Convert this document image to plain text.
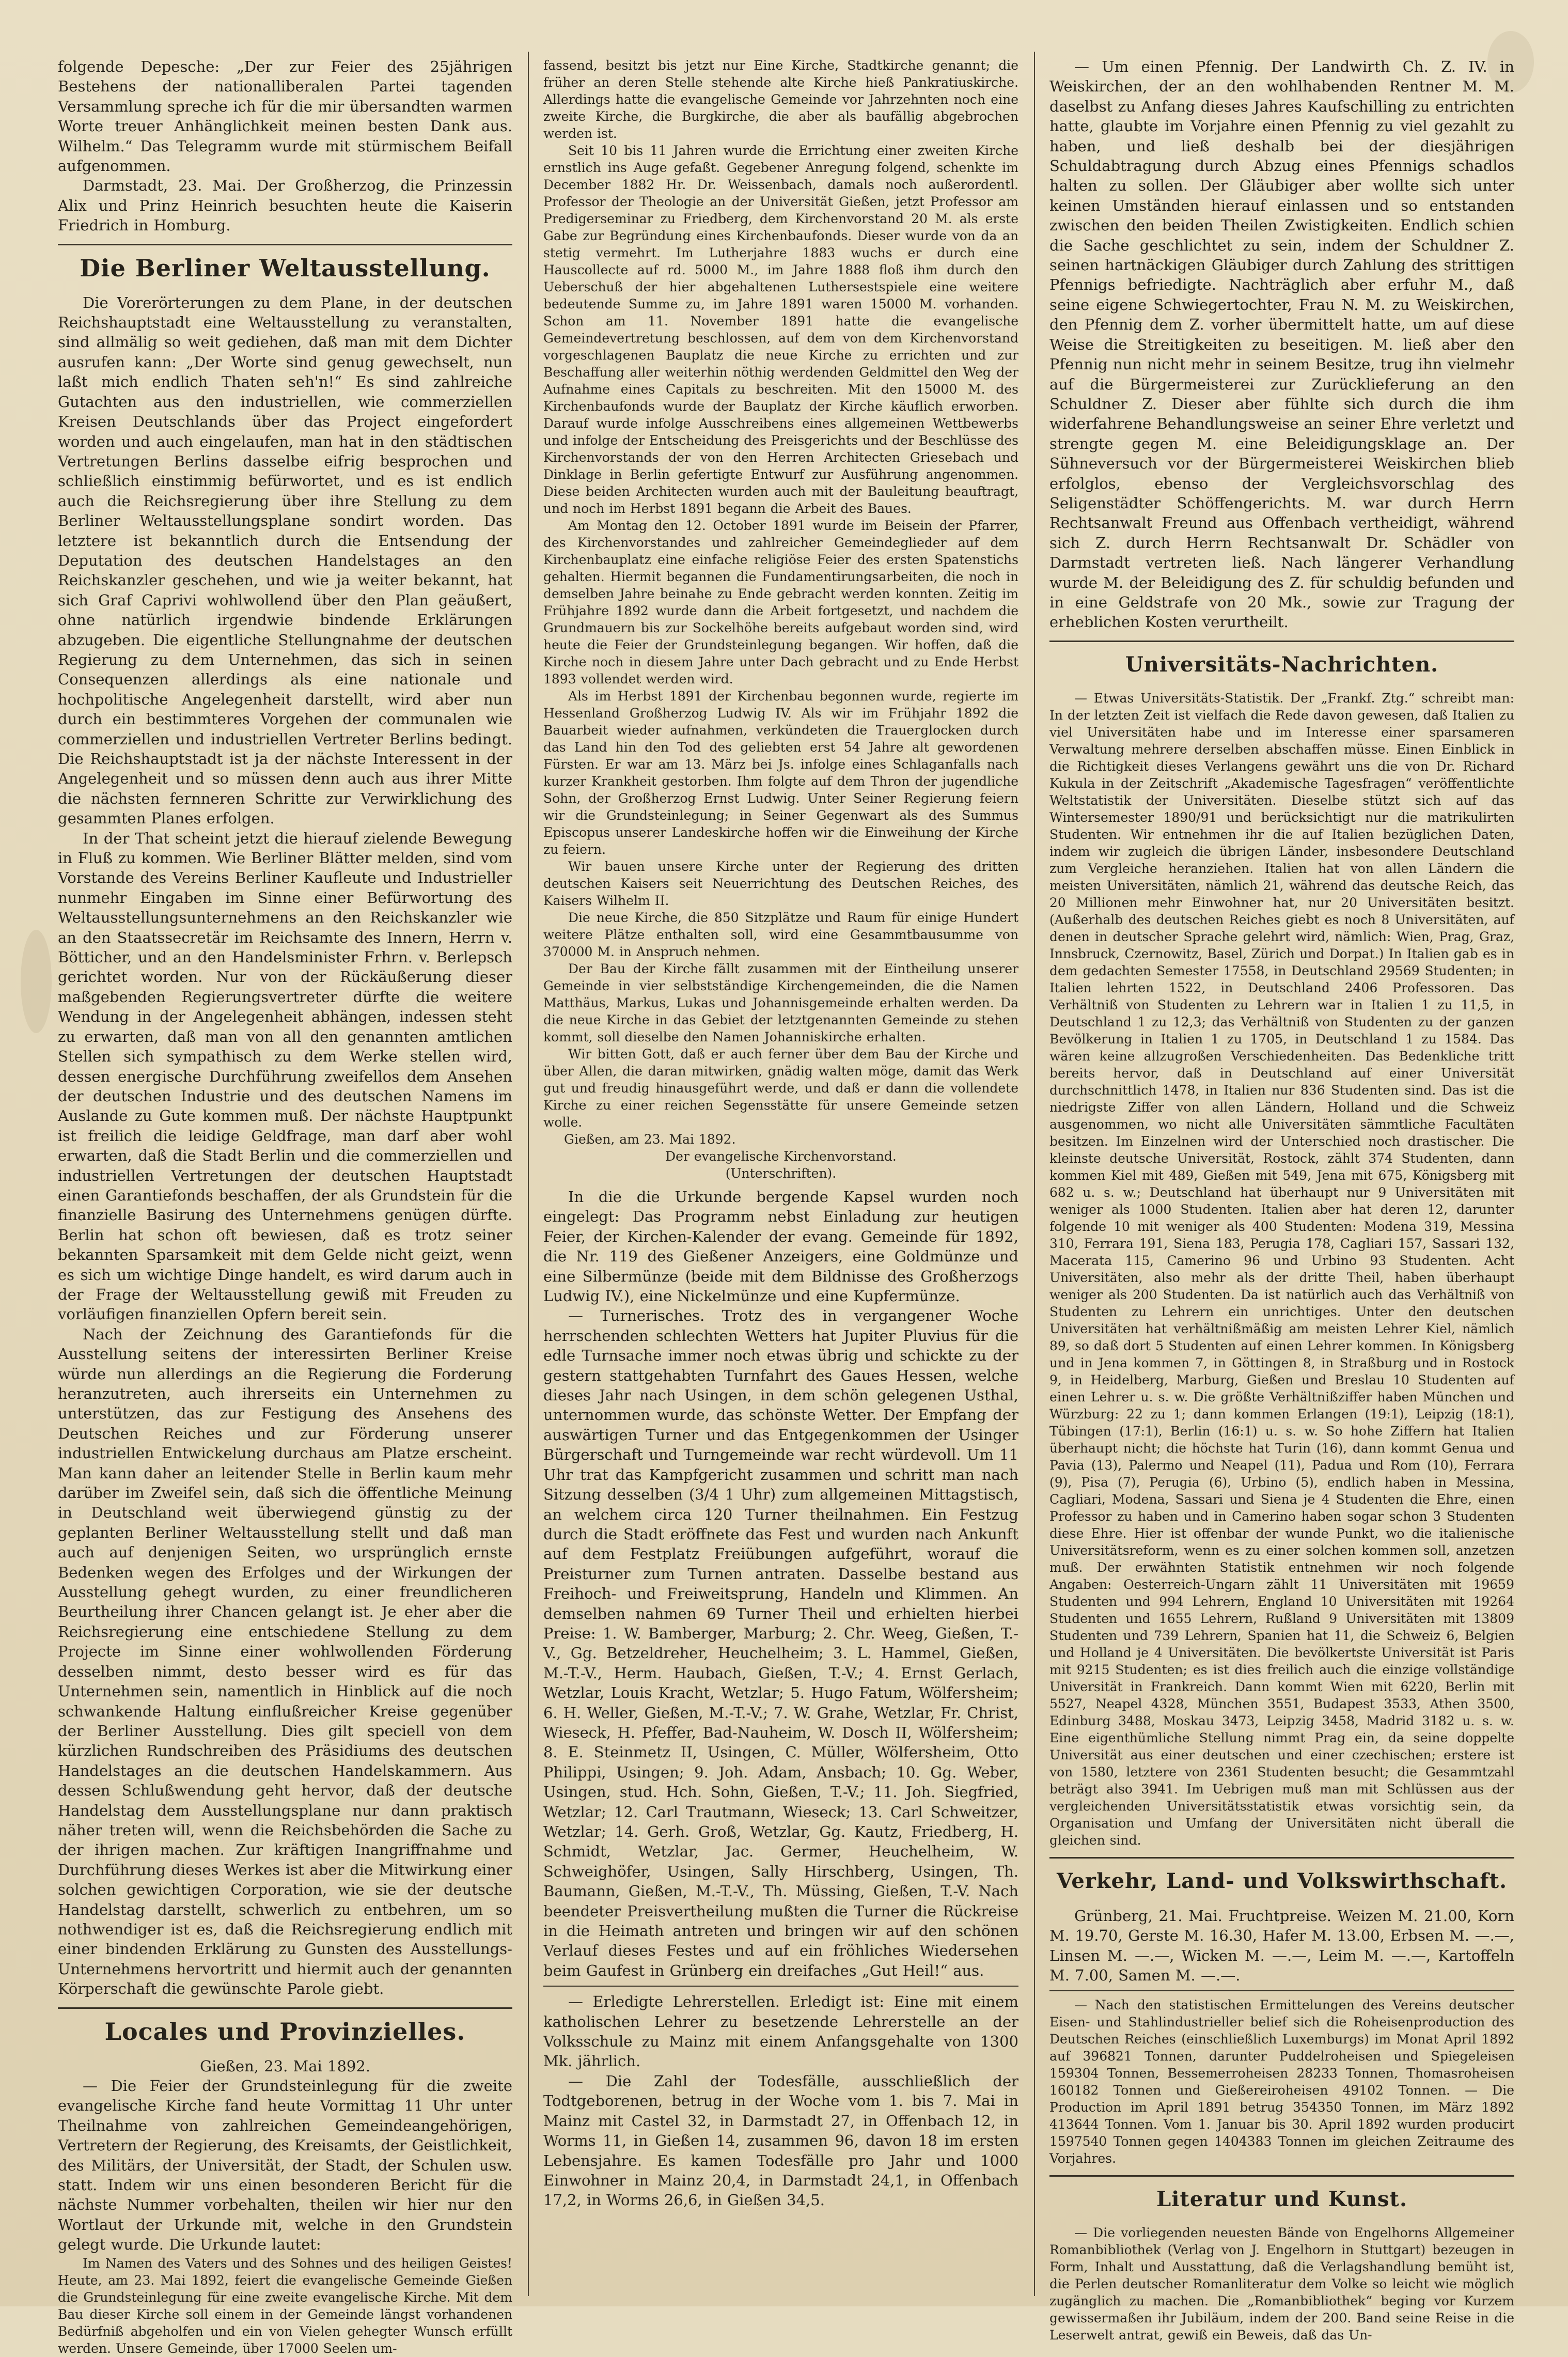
folgende Depesche: „Der zur Feier des 25jährigen Bestehens der nationalliberalen Partei tagenden Versammlung spreche ich für die mir übersandten warmen Worte treuer Anhänglichkeit meinen besten Dank aus. Wilhelm.“ Das Telegramm wurde mit stürmischem Beifall aufgenommen.

Darmstadt, 23. Mai. Der Großherzog, die Prinzessin Alix und Prinz Heinrich besuchten heute die Kaiserin Friedrich in Homburg.

Die Berliner Weltausstellung.

Die Vorerörterungen zu dem Plane, in der deutschen Reichshauptstadt eine Weltausstellung zu veranstalten, sind allmälig so weit gediehen, daß man mit dem Dichter ausrufen kann: „Der Worte sind genug gewechselt, nun laßt mich endlich Thaten seh'n!“ Es sind zahlreiche Gutachten aus den industriellen, wie commerziellen Kreisen Deutschlands über das Project eingefordert worden und auch eingelaufen, man hat in den städtischen Vertretungen Berlins dasselbe eifrig besprochen und schließlich einstimmig befürwortet, und es ist endlich auch die Reichsregierung über ihre Stellung zu dem Berliner Weltausstellungsplane sondirt worden. Das letztere ist bekanntlich durch die Entsendung der Deputation des deutschen Handelstages an den Reichskanzler geschehen, und wie ja weiter bekannt, hat sich Graf Caprivi wohlwollend über den Plan geäußert, ohne natürlich irgendwie bindende Erklärungen abzugeben. Die eigentliche Stellungnahme der deutschen Regierung zu dem Unternehmen, das sich in seinen Consequenzen allerdings als eine nationale und hochpolitische Angelegenheit darstellt, wird aber nun durch ein bestimmteres Vorgehen der communalen wie commerziellen und industriellen Vertreter Berlins bedingt. Die Reichshauptstadt ist ja der nächste Interessent in der Angelegenheit und so müssen denn auch aus ihrer Mitte die nächsten fernneren Schritte zur Verwirklichung des gesammten Planes erfolgen.

In der That scheint jetzt die hierauf zielende Bewegung in Fluß zu kommen. Wie Berliner Blätter melden, sind vom Vorstande des Vereins Berliner Kaufleute und Industrieller nunmehr Eingaben im Sinne einer Befürwortung des Weltausstellungsunternehmens an den Reichskanzler wie an den Staatssecretär im Reichsamte des Innern, Herrn v. Bötticher, und an den Handelsminister Frhrn. v. Berlepsch gerichtet worden. Nur von der Rückäußerung dieser maßgebenden Regierungsvertreter dürfte die weitere Wendung in der Angelegenheit abhängen, indessen steht zu erwarten, daß man von all den genannten amtlichen Stellen sich sympathisch zu dem Werke stellen wird, dessen energische Durchführung zweifellos dem Ansehen der deutschen Industrie und des deutschen Namens im Auslande zu Gute kommen muß. Der nächste Hauptpunkt ist freilich die leidige Geldfrage, man darf aber wohl erwarten, daß die Stadt Berlin und die commerziellen und industriellen Vertretungen der deutschen Hauptstadt einen Garantiefonds beschaffen, der als Grundstein für die finanzielle Basirung des Unternehmens genügen dürfte. Berlin hat schon oft bewiesen, daß es trotz seiner bekannten Sparsamkeit mit dem Gelde nicht geizt, wenn es sich um wichtige Dinge handelt, es wird darum auch in der Frage der Weltausstellung gewiß mit Freuden zu vorläufigen finanziellen Opfern bereit sein.

Nach der Zeichnung des Garantiefonds für die Ausstellung seitens der interessirten Berliner Kreise würde nun allerdings an die Regierung die Forderung heranzutreten, auch ihrerseits ein Unternehmen zu unterstützen, das zur Festigung des Ansehens des Deutschen Reiches und zur Förderung unserer industriellen Entwickelung durchaus am Platze erscheint. Man kann daher an leitender Stelle in Berlin kaum mehr darüber im Zweifel sein, daß sich die öffentliche Meinung in Deutschland weit überwiegend günstig zu der geplanten Berliner Weltausstellung stellt und daß man auch auf denjenigen Seiten, wo ursprünglich ernste Bedenken wegen des Erfolges und der Wirkungen der Ausstellung gehegt wurden, zu einer freundlicheren Beurtheilung ihrer Chancen gelangt ist. Je eher aber die Reichsregierung eine entschiedene Stellung zu dem Projecte im Sinne einer wohlwollenden Förderung desselben nimmt, desto besser wird es für das Unternehmen sein, namentlich in Hinblick auf die noch schwankende Haltung einflußreicher Kreise gegenüber der Berliner Ausstellung. Dies gilt speciell von dem kürzlichen Rundschreiben des Präsidiums des deutschen Handelstages an die deutschen Handelskammern. Aus dessen Schlußwendung geht hervor, daß der deutsche Handelstag dem Ausstellungsplane nur dann praktisch näher treten will, wenn die Reichsbehörden die Sache zu der ihrigen machen. Zur kräftigen Inangriffnahme und Durchführung dieses Werkes ist aber die Mitwirkung einer solchen gewichtigen Corporation, wie sie der deutsche Handelstag darstellt, schwerlich zu entbehren, um so nothwendiger ist es, daß die Reichsregierung endlich mit einer bindenden Erklärung zu Gunsten des Ausstellungs-Unternehmens hervortritt und hiermit auch der genannten Körperschaft die gewünschte Parole giebt.

Locales und Provinzielles.

Gießen, 23. Mai 1892.

— Die Feier der Grundsteinlegung für die zweite evangelische Kirche fand heute Vormittag 11 Uhr unter Theilnahme von zahlreichen Gemeindeangehörigen, Vertretern der Regierung, des Kreisamts, der Geistlichkeit, des Militärs, der Universität, der Stadt, der Schulen usw. statt. Indem wir uns einen besonderen Bericht für die nächste Nummer vorbehalten, theilen wir hier nur den Wortlaut der Urkunde mit, welche in den Grundstein gelegt wurde. Die Urkunde lautet:

Im Namen des Vaters und des Sohnes und des heiligen Geistes! Heute, am 23. Mai 1892, feiert die evangelische Gemeinde Gießen die Grundsteinlegung für eine zweite evangelische Kirche. Mit dem Bau dieser Kirche soll einem in der Gemeinde längst vorhandenen Bedürfniß abgeholfen und ein von Vielen gehegter Wunsch erfüllt werden. Unsere Gemeinde, über 17000 Seelen um-

fassend, besitzt bis jetzt nur Eine Kirche, Stadtkirche genannt; die früher an deren Stelle stehende alte Kirche hieß Pankratiuskirche. Allerdings hatte die evangelische Gemeinde vor Jahrzehnten noch eine zweite Kirche, die Burgkirche, die aber als baufällig abgebrochen werden ist.

Seit 10 bis 11 Jahren wurde die Errichtung einer zweiten Kirche ernstlich ins Auge gefaßt. Gegebener Anregung folgend, schenkte im December 1882 Hr. Dr. Weissenbach, damals noch außerordentl. Professor der Theologie an der Universität Gießen, jetzt Professor am Predigerseminar zu Friedberg, dem Kirchenvorstand 20 M. als erste Gabe zur Begründung eines Kirchenbaufonds. Dieser wurde von da an stetig vermehrt. Im Lutherjahre 1883 wuchs er durch eine Hauscollecte auf rd. 5000 M., im Jahre 1888 floß ihm durch den Ueberschuß der hier abgehaltenen Luthersestspiele eine weitere bedeutende Summe zu, im Jahre 1891 waren 15000 M. vorhanden. Schon am 11. November 1891 hatte die evangelische Gemeindevertretung beschlossen, auf dem von dem Kirchenvorstand vorgeschlagenen Bauplatz die neue Kirche zu errichten und zur Beschaffung aller weiterhin nöthig werdenden Geldmittel den Weg der Aufnahme eines Capitals zu beschreiten. Mit den 15000 M. des Kirchenbaufonds wurde der Bauplatz der Kirche käuflich erworben. Darauf wurde infolge Ausschreibens eines allgemeinen Wettbewerbs und infolge der Entscheidung des Preisgerichts und der Beschlüsse des Kirchenvorstands der von den Herren Architecten Griesebach und Dinklage in Berlin gefertigte Entwurf zur Ausführung angenommen. Diese beiden Architecten wurden auch mit der Bauleitung beauftragt, und noch im Herbst 1891 begann die Arbeit des Baues.

Am Montag den 12. October 1891 wurde im Beisein der Pfarrer, des Kirchenvorstandes und zahlreicher Gemeindeglieder auf dem Kirchenbauplatz eine einfache religiöse Feier des ersten Spatenstichs gehalten. Hiermit begannen die Fundamentirungsarbeiten, die noch in demselben Jahre beinahe zu Ende gebracht werden konnten. Zeitig im Frühjahre 1892 wurde dann die Arbeit fortgesetzt, und nachdem die Grundmauern bis zur Sockelhöhe bereits aufgebaut worden sind, wird heute die Feier der Grundsteinlegung begangen. Wir hoffen, daß die Kirche noch in diesem Jahre unter Dach gebracht und zu Ende Herbst 1893 vollendet werden wird.

Als im Herbst 1891 der Kirchenbau begonnen wurde, regierte im Hessenland Großherzog Ludwig IV. Als wir im Frühjahr 1892 die Bauarbeit wieder aufnahmen, verkündeten die Trauerglocken durch das Land hin den Tod des geliebten erst 54 Jahre alt gewordenen Fürsten. Er war am 13. März bei Js. infolge eines Schlaganfalls nach kurzer Krankheit gestorben. Ihm folgte auf dem Thron der jugendliche Sohn, der Großherzog Ernst Ludwig. Unter Seiner Regierung feiern wir die Grundsteinlegung; in Seiner Gegenwart als des Summus Episcopus unserer Landeskirche hoffen wir die Einweihung der Kirche zu feiern.

Wir bauen unsere Kirche unter der Regierung des dritten deutschen Kaisers seit Neuerrichtung des Deutschen Reiches, des Kaisers Wilhelm II.

Die neue Kirche, die 850 Sitzplätze und Raum für einige Hundert weitere Plätze enthalten soll, wird eine Gesammtbausumme von 370000 M. in Anspruch nehmen.

Der Bau der Kirche fällt zusammen mit der Eintheilung unserer Gemeinde in vier selbstständige Kirchengemeinden, die die Namen Matthäus, Markus, Lukas und Johannisgemeinde erhalten werden. Da die neue Kirche in das Gebiet der letztgenannten Gemeinde zu stehen kommt, soll dieselbe den Namen Johanniskirche erhalten.

Wir bitten Gott, daß er auch ferner über dem Bau der Kirche und über Allen, die daran mitwirken, gnädig walten möge, damit das Werk gut und freudig hinausgeführt werde, und daß er dann die vollendete Kirche zu einer reichen Segensstätte für unsere Gemeinde setzen wolle.

Gießen, am 23. Mai 1892.

Der evangelische Kirchenvorstand.

(Unterschriften).

In die die Urkunde bergende Kapsel wurden noch eingelegt: Das Programm nebst Einladung zur heutigen Feier, der Kirchen-Kalender der evang. Gemeinde für 1892, die Nr. 119 des Gießener Anzeigers, eine Goldmünze und eine Silbermünze (beide mit dem Bildnisse des Großherzogs Ludwig IV.), eine Nickelmünze und eine Kupfermünze.

— Turnerisches. Trotz des in vergangener Woche herrschenden schlechten Wetters hat Jupiter Pluvius für die edle Turnsache immer noch etwas übrig und schickte zu der gestern stattgehabten Turnfahrt des Gaues Hessen, welche dieses Jahr nach Usingen, in dem schön gelegenen Usthal, unternommen wurde, das schönste Wetter. Der Empfang der auswärtigen Turner und das Entgegenkommen der Usinger Bürgerschaft und Turngemeinde war recht würdevoll. Um 11 Uhr trat das Kampfgericht zusammen und schritt man nach Sitzung desselben (3/4 1 Uhr) zum allgemeinen Mittagstisch, an welchem circa 120 Turner theilnahmen. Ein Festzug durch die Stadt eröffnete das Fest und wurden nach Ankunft auf dem Festplatz Freiübungen aufgeführt, worauf die Preisturner zum Turnen antraten. Dasselbe bestand aus Freihoch- und Freiweitsprung, Handeln und Klimmen. An demselben nahmen 69 Turner Theil und erhielten hierbei Preise: 1. W. Bamberger, Marburg; 2. Chr. Weeg, Gießen, T.-V., Gg. Betzeldreher, Heuchelheim; 3. L. Hammel, Gießen, M.-T.-V., Herm. Haubach, Gießen, T.-V.; 4. Ernst Gerlach, Wetzlar, Louis Kracht, Wetzlar; 5. Hugo Fatum, Wölfersheim; 6. H. Weller, Gießen, M.-T.-V.; 7. W. Grahe, Wetzlar, Fr. Christ, Wieseck, H. Pfeffer, Bad-Nauheim, W. Dosch II, Wölfersheim; 8. E. Steinmetz II, Usingen, C. Müller, Wölfersheim, Otto Philippi, Usingen; 9. Joh. Adam, Ansbach; 10. Gg. Weber, Usingen, stud. Hch. Sohn, Gießen, T.-V.; 11. Joh. Siegfried, Wetzlar; 12. Carl Trautmann, Wieseck; 13. Carl Schweitzer, Wetzlar; 14. Gerh. Groß, Wetzlar, Gg. Kautz, Friedberg, H. Schmidt, Wetzlar, Jac. Germer, Heuchelheim, W. Schweighöfer, Usingen, Sally Hirschberg, Usingen, Th. Baumann, Gießen, M.-T.-V., Th. Müssing, Gießen, T.-V. Nach beendeter Preisvertheilung mußten die Turner die Rückreise in die Heimath antreten und bringen wir auf den schönen Verlauf dieses Festes und auf ein fröhliches Wiedersehen beim Gaufest in Grünberg ein dreifaches „Gut Heil!“ aus.

— Erledigte Lehrerstellen. Erledigt ist: Eine mit einem katholischen Lehrer zu besetzende Lehrerstelle an der Volksschule zu Mainz mit einem Anfangsgehalte von 1300 Mk. jährlich.

— Die Zahl der Todesfälle, ausschließlich der Todtgeborenen, betrug in der Woche vom 1. bis 7. Mai in Mainz mit Castel 32, in Darmstadt 27, in Offenbach 12, in Worms 11, in Gießen 14, zusammen 96, davon 18 im ersten Lebensjahre. Es kamen Todesfälle pro Jahr und 1000 Einwohner in Mainz 20,4, in Darmstadt 24,1, in Offenbach 17,2, in Worms 26,6, in Gießen 34,5.

— Um einen Pfennig. Der Landwirth Ch. Z. IV. in Weiskirchen, der an den wohlhabenden Rentner M. M. daselbst zu Anfang dieses Jahres Kaufschilling zu entrichten hatte, glaubte im Vorjahre einen Pfennig zu viel gezahlt zu haben, und ließ deshalb bei der diesjährigen Schuldabtragung durch Abzug eines Pfennigs schadlos halten zu sollen. Der Gläubiger aber wollte sich unter keinen Umständen hierauf einlassen und so entstanden zwischen den beiden Theilen Zwistigkeiten. Endlich schien die Sache geschlichtet zu sein, indem der Schuldner Z. seinen hartnäckigen Gläubiger durch Zahlung des strittigen Pfennigs befriedigte. Nachträglich aber erfuhr M., daß seine eigene Schwiegertochter, Frau N. M. zu Weiskirchen, den Pfennig dem Z. vorher übermittelt hatte, um auf diese Weise die Streitigkeiten zu beseitigen. M. ließ aber den Pfennig nun nicht mehr in seinem Besitze, trug ihn vielmehr auf die Bürgermeisterei zur Zurücklieferung an den Schuldner Z. Dieser aber fühlte sich durch die ihm widerfahrene Behandlungsweise an seiner Ehre verletzt und strengte gegen M. eine Beleidigungsklage an. Der Sühneversuch vor der Bürgermeisterei Weiskirchen blieb erfolglos, ebenso der Vergleichsvorschlag des Seligenstädter Schöffengerichts. M. war durch Herrn Rechtsanwalt Freund aus Offenbach vertheidigt, während sich Z. durch Herrn Rechtsanwalt Dr. Schädler von Darmstadt vertreten ließ. Nach längerer Verhandlung wurde M. der Beleidigung des Z. für schuldig befunden und in eine Geldstrafe von 20 Mk., sowie zur Tragung der erheblichen Kosten verurtheilt.

Universitäts-Nachrichten.

— Etwas Universitäts-Statistik. Der „Frankf. Ztg.“ schreibt man: In der letzten Zeit ist vielfach die Rede davon gewesen, daß Italien zu viel Universitäten habe und im Interesse einer sparsameren Verwaltung mehrere derselben abschaffen müsse. Einen Einblick in die Richtigkeit dieses Verlangens gewährt uns die von Dr. Richard Kukula in der Zeitschrift „Akademische Tagesfragen“ veröffentlichte Weltstatistik der Universitäten. Dieselbe stützt sich auf das Wintersemester 1890/91 und berücksichtigt nur die matrikulirten Studenten. Wir entnehmen ihr die auf Italien bezüglichen Daten, indem wir zugleich die übrigen Länder, insbesondere Deutschland zum Vergleiche heranziehen. Italien hat von allen Ländern die meisten Universitäten, nämlich 21, während das deutsche Reich, das 20 Millionen mehr Einwohner hat, nur 20 Universitäten besitzt. (Außerhalb des deutschen Reiches giebt es noch 8 Universitäten, auf denen in deutscher Sprache gelehrt wird, nämlich: Wien, Prag, Graz, Innsbruck, Czernowitz, Basel, Zürich und Dorpat.) In Italien gab es in dem gedachten Semester 17558, in Deutschland 29569 Studenten; in Italien lehrten 1522, in Deutschland 2406 Professoren. Das Verhältniß von Studenten zu Lehrern war in Italien 1 zu 11,5, in Deutschland 1 zu 12,3; das Verhältniß von Studenten zu der ganzen Bevölkerung in Italien 1 zu 1705, in Deutschland 1 zu 1584. Das wären keine allzugroßen Verschiedenheiten. Das Bedenkliche tritt bereits hervor, daß in Deutschland auf einer Universität durchschnittlich 1478, in Italien nur 836 Studenten sind. Das ist die niedrigste Ziffer von allen Ländern, Holland und die Schweiz ausgenommen, wo nicht alle Universitäten sämmtliche Facultäten besitzen. Im Einzelnen wird der Unterschied noch drastischer. Die kleinste deutsche Universität, Rostock, zählt 374 Studenten, dann kommen Kiel mit 489, Gießen mit 549, Jena mit 675, Königsberg mit 682 u. s. w.; Deutschland hat überhaupt nur 9 Universitäten mit weniger als 1000 Studenten. Italien aber hat deren 12, darunter folgende 10 mit weniger als 400 Studenten: Modena 319, Messina 310, Ferrara 191, Siena 183, Perugia 178, Cagliari 157, Sassari 132, Macerata 115, Camerino 96 und Urbino 93 Studenten. Acht Universitäten, also mehr als der dritte Theil, haben überhaupt weniger als 200 Studenten. Da ist natürlich auch das Verhältniß von Studenten zu Lehrern ein unrichtiges. Unter den deutschen Universitäten hat verhältnißmäßig am meisten Lehrer Kiel, nämlich 89, so daß dort 5 Studenten auf einen Lehrer kommen. In Königsberg und in Jena kommen 7, in Göttingen 8, in Straßburg und in Rostock 9, in Heidelberg, Marburg, Gießen und Breslau 10 Studenten auf einen Lehrer u. s. w. Die größte Verhältnißziffer haben München und Würzburg: 22 zu 1; dann kommen Erlangen (19:1), Leipzig (18:1), Tübingen (17:1), Berlin (16:1) u. s. w. So hohe Ziffern hat Italien überhaupt nicht; die höchste hat Turin (16), dann kommt Genua und Pavia (13), Palermo und Neapel (11), Padua und Rom (10), Ferrara (9), Pisa (7), Perugia (6), Urbino (5), endlich haben in Messina, Cagliari, Modena, Sassari und Siena je 4 Studenten die Ehre, einen Professor zu haben und in Camerino haben sogar schon 3 Studenten diese Ehre. Hier ist offenbar der wunde Punkt, wo die italienische Universitätsreform, wenn es zu einer solchen kommen soll, anzetzen muß. Der erwähnten Statistik entnehmen wir noch folgende Angaben: Oesterreich-Ungarn zählt 11 Universitäten mit 19659 Studenten und 994 Lehrern, England 10 Universitäten mit 19264 Studenten und 1655 Lehrern, Rußland 9 Universitäten mit 13809 Studenten und 739 Lehrern, Spanien hat 11, die Schweiz 6, Belgien und Holland je 4 Universitäten. Die bevölkertste Universität ist Paris mit 9215 Studenten; es ist dies freilich auch die einzige vollständige Universität in Frankreich. Dann kommt Wien mit 6220, Berlin mit 5527, Neapel 4328, München 3551, Budapest 3533, Athen 3500, Edinburg 3488, Moskau 3473, Leipzig 3458, Madrid 3182 u. s. w. Eine eigenthümliche Stellung nimmt Prag ein, da seine doppelte Universität aus einer deutschen und einer czechischen; erstere ist von 1580, letztere von 2361 Studenten besucht; die Gesammtzahl beträgt also 3941. Im Uebrigen muß man mit Schlüssen aus der vergleichenden Universitätsstatistik etwas vorsichtig sein, da Organisation und Umfang der Universitäten nicht überall die gleichen sind.

Verkehr, Land- und Volkswirthschaft.

Grünberg, 21. Mai. Fruchtpreise. Weizen M. 21.00, Korn M. 19.70, Gerste M. 16.30, Hafer M. 13.00, Erbsen M. —.—, Linsen M. —.—, Wicken M. —.—, Leim M. —.—, Kartoffeln M. 7.00, Samen M. —.—.

— Nach den statistischen Ermittelungen des Vereins deutscher Eisen- und Stahlindustrieller belief sich die Roheisenproduction des Deutschen Reiches (einschließlich Luxemburgs) im Monat April 1892 auf 396821 Tonnen, darunter Puddelroheisen und Spiegeleisen 159304 Tonnen, Bessemerroheisen 28233 Tonnen, Thomasroheisen 160182 Tonnen und Gießereiroheisen 49102 Tonnen. — Die Production im April 1891 betrug 354350 Tonnen, im März 1892 413644 Tonnen. Vom 1. Januar bis 30. April 1892 wurden producirt 1597540 Tonnen gegen 1404383 Tonnen im gleichen Zeitraume des Vorjahres.

Literatur und Kunst.

— Die vorliegenden neuesten Bände von Engelhorns Allgemeiner Romanbibliothek (Verlag von J. Engelhorn in Stuttgart) bezeugen in Form, Inhalt und Ausstattung, daß die Verlagshandlung bemüht ist, die Perlen deutscher Romanliteratur dem Volke so leicht wie möglich zugänglich zu machen. Die „Romanbibliothek“ beging vor Kurzem gewissermaßen ihr Jubiläum, indem der 200. Band seine Reise in die Leserwelt antrat, gewiß ein Beweis, daß das Un-
